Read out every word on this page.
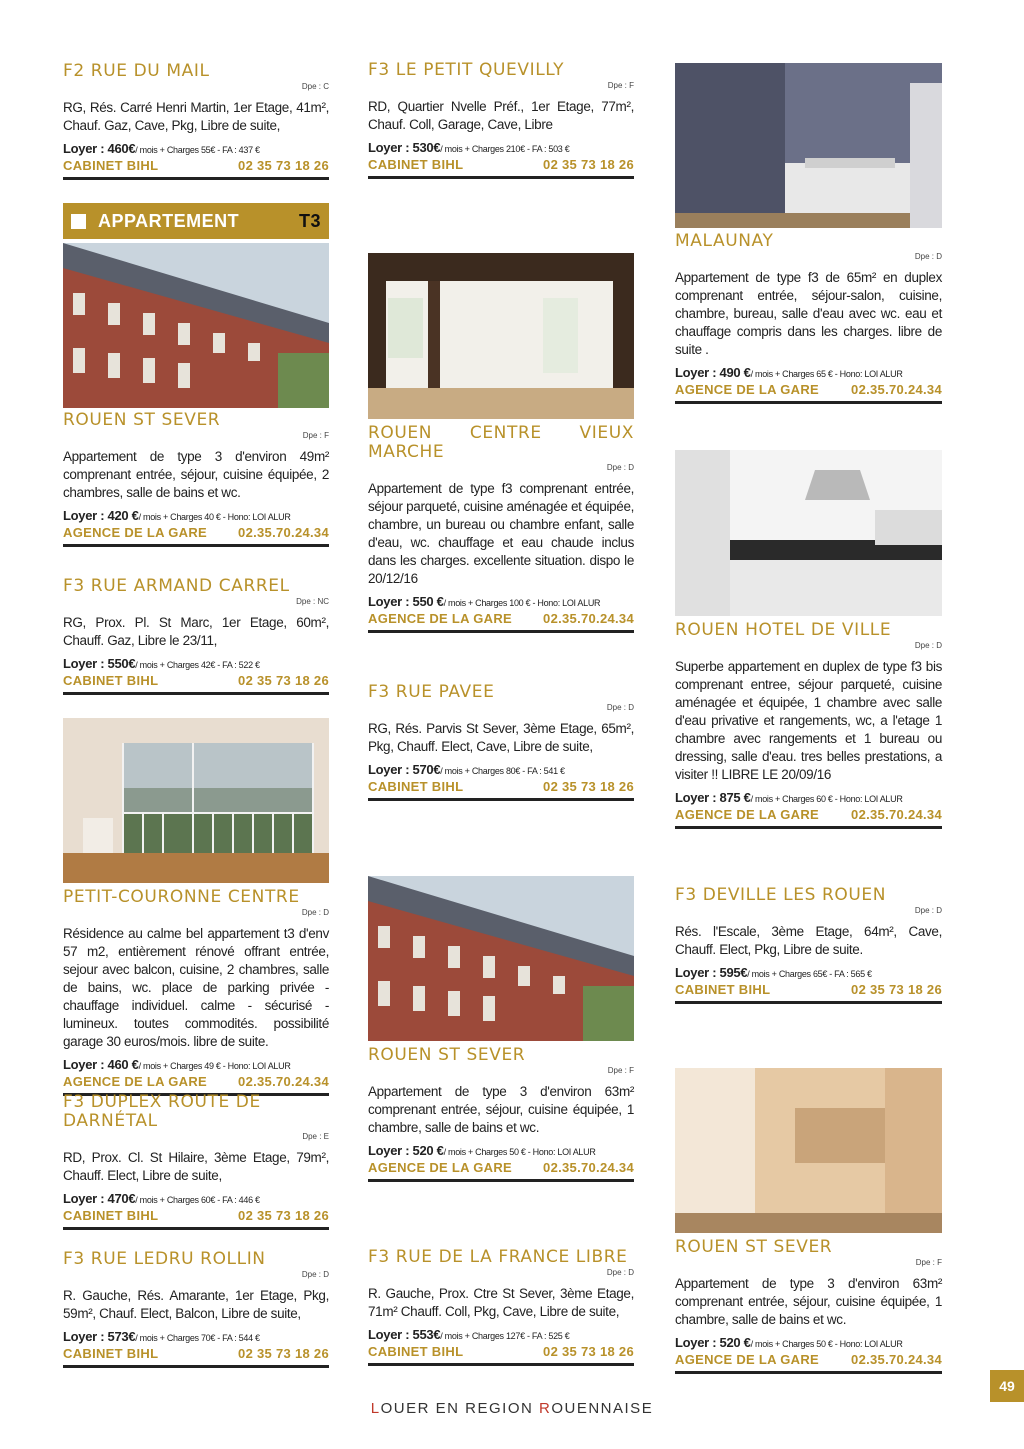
APPARTEMENT	T3
F2 RUE DU MAIL
Dpe : C
RG, Rés. Carré Henri Martin, 1er Etage, 41m², Chauf. Gaz, Cave, Pkg, Libre de suite,
Loyer : 460€/ mois + Charges 55€ - FA : 437 €
CABINET BIHL	02 35 73 18 26
ROUEN ST SEVER
Dpe : F
Appartement de type 3 d'environ 49m² comprenant entrée, séjour, cuisine équipée, 2 chambres, salle de bains et wc.
Loyer : 420 €/ mois + Charges 40 € - Hono: LOI ALUR
AGENCE DE LA GARE 02.35.70.24.34
F3 RUE ARMAND CARREL
Dpe : NC
RG, Prox. Pl. St Marc, 1er Etage, 60m², Chauff. Gaz, Libre le 23/11,
Loyer : 550€/ mois + Charges 42€ - FA : 522 €
CABINET BIHL	02 35 73 18 26
PETIT-COURONNE CENTRE
Dpe : D
Résidence au calme bel appartement t3 d'env 57 m2, entièrement rénové offrant entrée, sejour avec balcon, cuisine, 2 chambres, salle de bains, wc. place de parking privée - chauffage individuel. calme - sécurisé - lumineux. toutes commodités. possibilité garage 30 euros/mois. libre de suite.
Loyer : 460 €/ mois + Charges 49 € - Hono: LOI ALUR
AGENCE DE LA GARE 02.35.70.24.34
F3 DUPLEX ROUTE DE DARNÉTAL
Dpe : E
RD, Prox. Cl. St Hilaire, 3ème Etage, 79m², Chauff. Elect, Libre de suite,
Loyer : 470€/ mois + Charges 60€ - FA : 446 €
CABINET BIHL	02 35 73 18 26
F3 RUE LEDRU ROLLIN
Dpe : D
R. Gauche, Rés. Amarante, 1er Etage, Pkg, 59m², Chauf. Elect, Balcon, Libre de suite,
Loyer : 573€/ mois + Charges 70€ - FA : 544 €
CABINET BIHL	02 35 73 18 26
F3 LE PETIT QUEVILLY
Dpe : F
RD, Quartier Nvelle Préf., 1er Etage, 77m², Chauf. Coll, Garage, Cave, Libre
Loyer : 530€/ mois + Charges 210€ - FA : 503 €
CABINET BIHL	02 35 73 18 26
ROUEN CENTRE VIEUX MARCHE
Dpe : D
Appartement de type f3 comprenant entrée, séjour parqueté, cuisine aménagée et équipée, chambre, un bureau ou chambre enfant, salle d'eau, wc. chauffage et eau chaude inclus dans les charges. excellente situation. dispo le 20/12/16
Loyer : 550 €/ mois + Charges 100 € - Hono: LOI ALUR
AGENCE DE LA GARE 02.35.70.24.34
F3 RUE PAVEE
Dpe : D
RG, Rés. Parvis St Sever, 3ème Etage, 65m², Pkg, Chauff. Elect, Cave, Libre de suite,
Loyer : 570€/ mois + Charges 80€ - FA : 541 €
CABINET BIHL	02 35 73 18 26
ROUEN ST SEVER
Dpe : F
Appartement de type 3 d'environ 63m² comprenant entrée, séjour, cuisine équipée, 1 chambre, salle de bains et wc.
Loyer : 520 €/ mois + Charges 50 € - Hono: LOI ALUR
AGENCE DE LA GARE 02.35.70.24.34
F3 RUE DE LA FRANCE LIBRE
Dpe : D
R. Gauche, Prox. Ctre St Sever, 3ème Etage, 71m² Chauff. Coll, Pkg, Cave, Libre de suite,
Loyer : 553€/ mois + Charges 127€ - FA : 525 €
CABINET BIHL	02 35 73 18 26
MALAUNAY
Dpe : D
Appartement de type f3 de 65m² en duplex comprenant entrée, séjour-salon, cuisine, chambre, bureau, salle d'eau avec wc. eau et chauffage compris dans les charges. libre de suite .
Loyer : 490 €/ mois + Charges 65 € - Hono: LOI ALUR
AGENCE DE LA GARE 02.35.70.24.34
ROUEN HOTEL DE VILLE
Dpe : D
Superbe appartement en duplex de type f3 bis comprenant entree, séjour parqueté, cuisine aménagée et équipée, 1 chambre avec salle d'eau privative et rangements, wc, a l'etage 1 chambre avec rangements et 1 bureau ou dressing, salle d'eau. tres belles prestations, a visiter !! LIBRE LE 20/09/16
Loyer : 875 €/ mois + Charges 60 € - Hono: LOI ALUR
AGENCE DE LA GARE 02.35.70.24.34
F3 DEVILLE LES ROUEN
Dpe : D
Rés. l'Escale, 3ème Etage, 64m², Cave, Chauff. Elect, Pkg, Libre de suite.
Loyer : 595€/ mois + Charges 65€ - FA : 565 €
CABINET BIHL	02 35 73 18 26
ROUEN ST SEVER
Dpe : F
Appartement de type 3 d'environ 63m² comprenant entrée, séjour, cuisine équipée, 1 chambre, salle de bains et wc.
Loyer : 520 €/ mois + Charges 50 € - Hono: LOI ALUR
AGENCE DE LA GARE 02.35.70.24.34
LOUER EN REGION ROUENNAISE
49
